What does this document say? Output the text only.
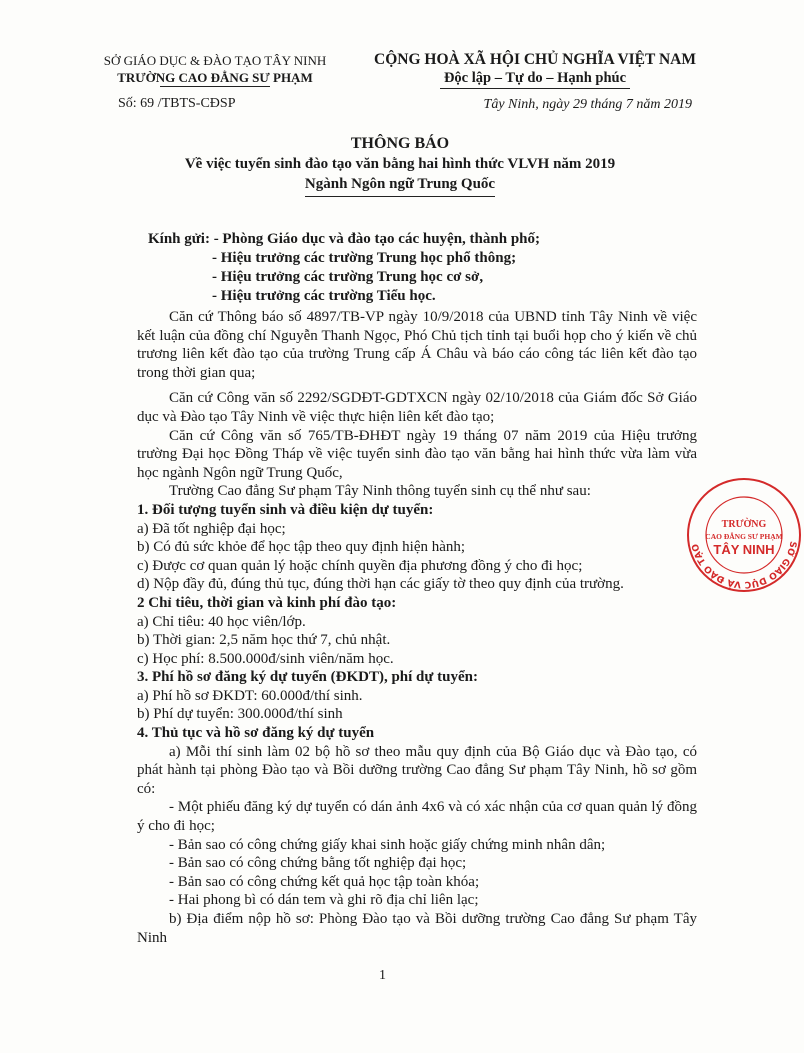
SỞ GIÁO DỤC & ĐÀO TẠO TÂY NINH
TRƯỜNG CAO ĐẲNG SƯ PHẠM
Số: 69 /TBTS-CĐSP
CỘNG HOÀ XÃ HỘI CHỦ NGHĨA VIỆT NAM
Độc lập – Tự do – Hạnh phúc
Tây Ninh, ngày 29 tháng 7 năm 2019
THÔNG BÁO
Về việc tuyển sinh đào tạo văn bằng hai hình thức VLVH năm 2019
Ngành Ngôn ngữ Trung Quốc
Kính gửi: - Phòng Giáo dục và đào tạo các huyện, thành phố;
- Hiệu trưởng các trường Trung học phổ thông;
- Hiệu trưởng các trường Trung học cơ sở,
- Hiệu trưởng các trường Tiểu học.

Căn cứ Thông báo số 4897/TB-VP ngày 10/9/2018 của UBND tỉnh Tây Ninh về việc kết luận của đồng chí Nguyễn Thanh Ngọc, Phó Chủ tịch tỉnh tại buổi họp cho ý kiến về chủ trương liên kết đào tạo của trường Trung cấp Á Châu và báo cáo công tác liên kết đào tạo trong thời gian qua;

Căn cứ Công văn số 2292/SGDĐT-GDTXCN ngày 02/10/2018 của Giám đốc Sở Giáo dục và Đào tạo Tây Ninh về việc thực hiện liên kết đào tạo;

Căn cứ Công văn số 765/TB-ĐHĐT ngày 19 tháng 07 năm 2019 của Hiệu trưởng trường Đại học Đồng Tháp về việc tuyển sinh đào tạo văn bằng hai hình thức vừa làm vừa học ngành Ngôn ngữ Trung Quốc,

Trường Cao đẳng Sư phạm Tây Ninh thông tuyển sinh cụ thể như sau:

1. Đối tượng tuyển sinh và điều kiện dự tuyển:

a) Đã tốt nghiệp đại học;

b) Có đủ sức khỏe để học tập theo quy định hiện hành;

c) Được cơ quan quản lý hoặc chính quyền địa phương đồng ý cho đi học;

d) Nộp đầy đủ, đúng thủ tục, đúng thời hạn các giấy tờ theo quy định của trường.

2 Chỉ tiêu, thời gian và kinh phí đào tạo:

a) Chỉ tiêu: 40 học viên/lớp.

b) Thời gian: 2,5 năm học thứ 7, chủ nhật.

c) Học phí: 8.500.000đ/sinh viên/năm học.

3. Phí hồ sơ đăng ký dự tuyển (ĐKDT), phí dự tuyển:

a) Phí hồ sơ ĐKDT: 60.000đ/thí sinh.

b) Phí dự tuyển: 300.000đ/thí sinh

4. Thủ tục và hồ sơ đăng ký dự tuyển

a) Mỗi thí sinh làm 02 bộ hồ sơ theo mẫu quy định của Bộ Giáo dục và Đào tạo, có phát hành tại phòng Đào tạo và Bồi dưỡng trường Cao đẳng Sư phạm Tây Ninh, hồ sơ gồm có:

- Một phiếu đăng ký dự tuyển có dán ảnh 4x6 và có xác nhận của cơ quan quản lý đồng ý cho đi học;

- Bản sao có công chứng giấy khai sinh hoặc giấy chứng minh nhân dân;

- Bản sao có công chứng bằng tốt nghiệp đại học;

- Bản sao có công chứng kết quả học tập toàn khóa;

- Hai phong bì có dán tem và ghi rõ địa chỉ liên lạc;

b) Địa điểm nộp hồ sơ: Phòng Đào tạo và Bồi dưỡng trường Cao đẳng Sư phạm Tây Ninh

1
SỞ GIÁO DỤC VÀ ĐÀO TẠO
TRƯỜNG
CAO ĐẲNG SƯ PHẠM
TÂY NINH
